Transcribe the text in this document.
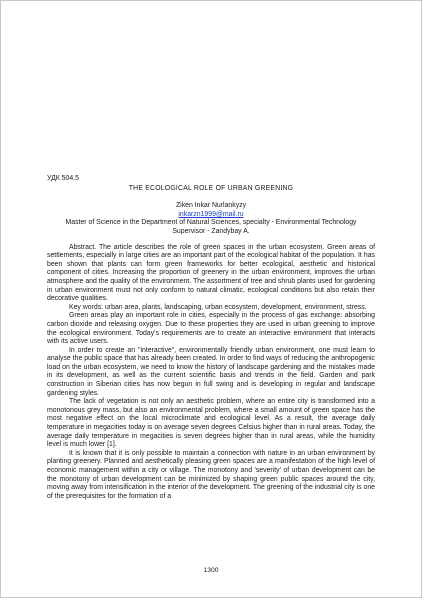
УДК 504.5
THE ECOLOGICAL ROLE OF URBAN GREENING
Ziken Inkar Nurlankyzy
inkarzn1999@mail.ru
Master of Science in the Department of Natural Sciences, specialty - Environmental Technology
Supervisor - Zandybay A.

Abstract. The article describes the role of green spaces in the urban ecosystem. Green areas of settlements, especially in large cities are an important part of the ecological habitat of the population. It has been shown that plants can form green frameworks for better ecological, aesthetic and historical component of cities. Increasing the proportion of greenery in the urban environment, improves the urban atmosphere and the quality of the environment. The assortment of tree and shrub plants used for gardening in urban environment must not only conform to natural climatic, ecological conditions but also retain their decorative qualities.

Key words: urban area, plants, landscaping, urban ecosystem, development, environment, stress.

Green areas play an important role in cities, especially in the process of gas exchange: absorbing carbon dioxide and releasing oxygen. Due to these properties they are used in urban greening to improve the ecological environment. Today's requirements are to create an interactive environment that interacts with its active users.

In order to create an "interactive", environmentally friendly urban environment, one must learn to analyse the public space that has already been created. In order to find ways of reducing the anthropogenic load on the urban ecosystem, we need to know the history of landscape gardening and the mistakes made in its development, as well as the current scientific basis and trends in the field. Garden and park construction in Siberian cities has now begun in full swing and is developing in regular and landscape gardening styles.

The lack of vegetation is not only an aesthetic problem, where an entire city is transformed into a monotonous grey mass, but also an environmental problem, where a small amount of green space has the most negative effect on the local microclimate and ecological level. As a result, the average daily temperature in megacities today is on average seven degrees Celsius higher than in rural areas. Today, the average daily temperature in megacities is seven degrees higher than in rural areas, while the humidity level is much lower [1].

It is known that it is only possible to maintain a connection with nature in an urban environment by planting greenery. Planned and aesthetically pleasing green spaces are a manifestation of the high level of economic management within a city or village. The monotony and 'severity' of urban development can be the monotony of urban development can be minimized by shaping green public spaces around the city, moving away from intensification in the interior of the development. The greening of the industrial city is one of the prerequisites for the formation of a

1300
